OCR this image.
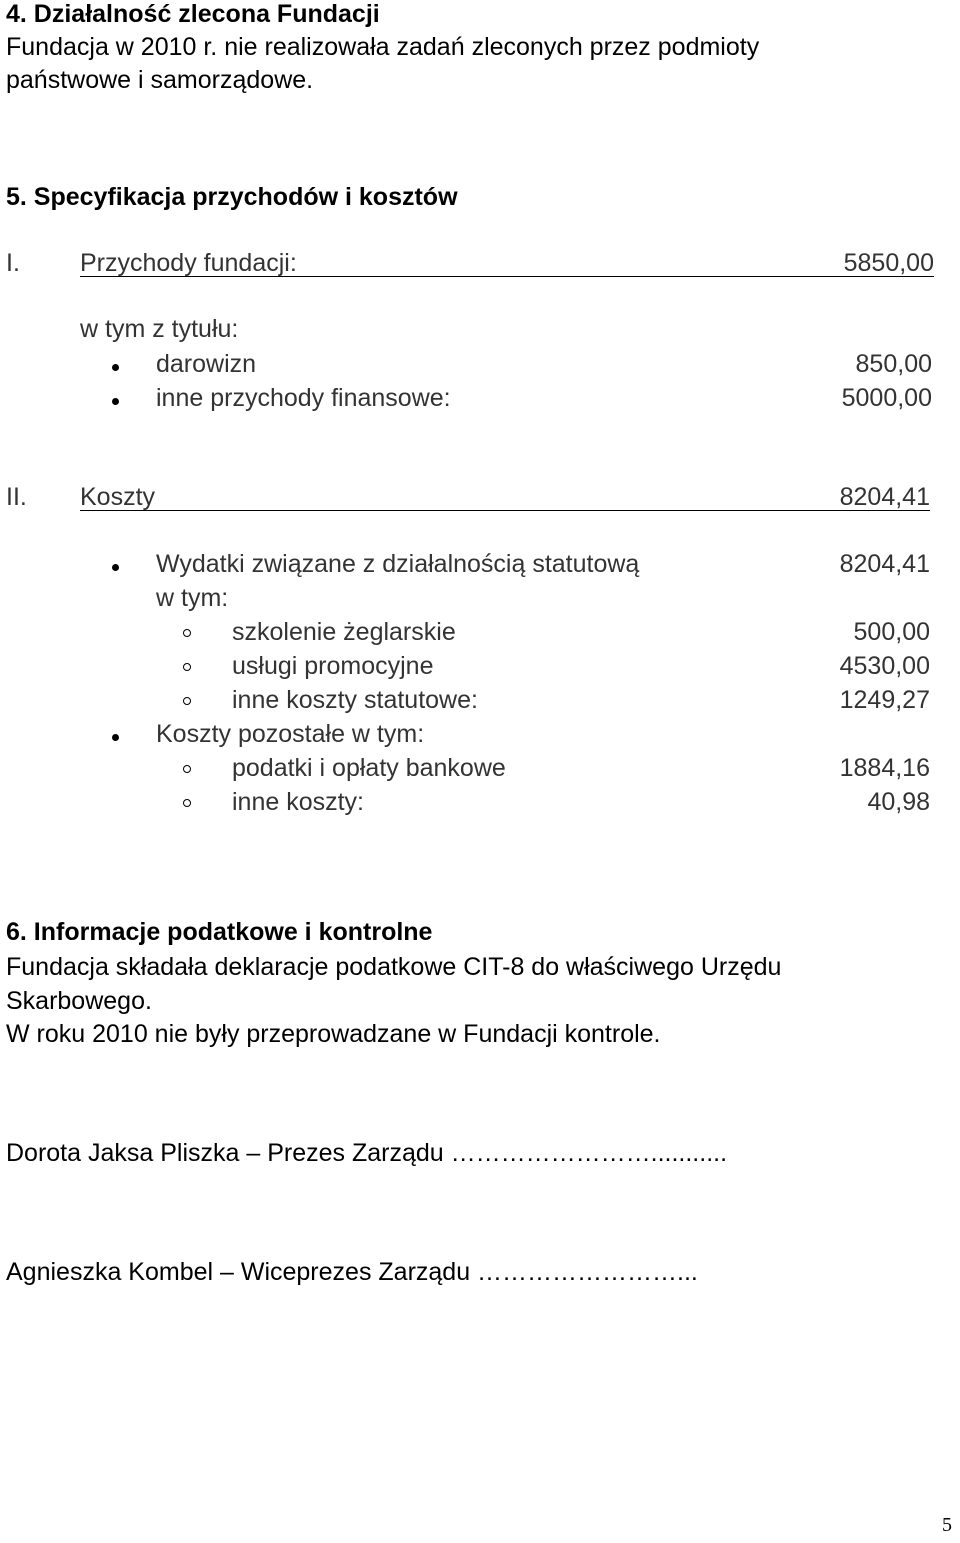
4. Działalność zlecona Fundacji
Fundacja w 2010 r. nie realizowała zadań zleconych przez podmioty
państwowe i samorządowe.
5. Specyfikacja przychodów i kosztów
I. Przychody fundacji:	5850,00
w tym z tytułu:
darowizn	850,00
inne przychody finansowe:	5000,00
II. Koszty	8204,41
Wydatki związane z działalnością statutową	8204,41
w tym:
szkolenie żeglarskie	500,00
usługi promocyjne	4530,00
inne koszty statutowe:	1249,27
Koszty pozostałe w tym:
podatki i opłaty bankowe	1884,16
inne koszty:	40,98
6. Informacje podatkowe i kontrolne
Fundacja składała deklaracje podatkowe CIT-8 do właściwego Urzędu
Skarbowego.
W roku 2010 nie były przeprowadzane w Fundacji kontrole.
Dorota Jaksa Pliszka – Prezes Zarządu ……………………...........
Agnieszka Kombel – Wiceprezes Zarządu ……………………...
5
